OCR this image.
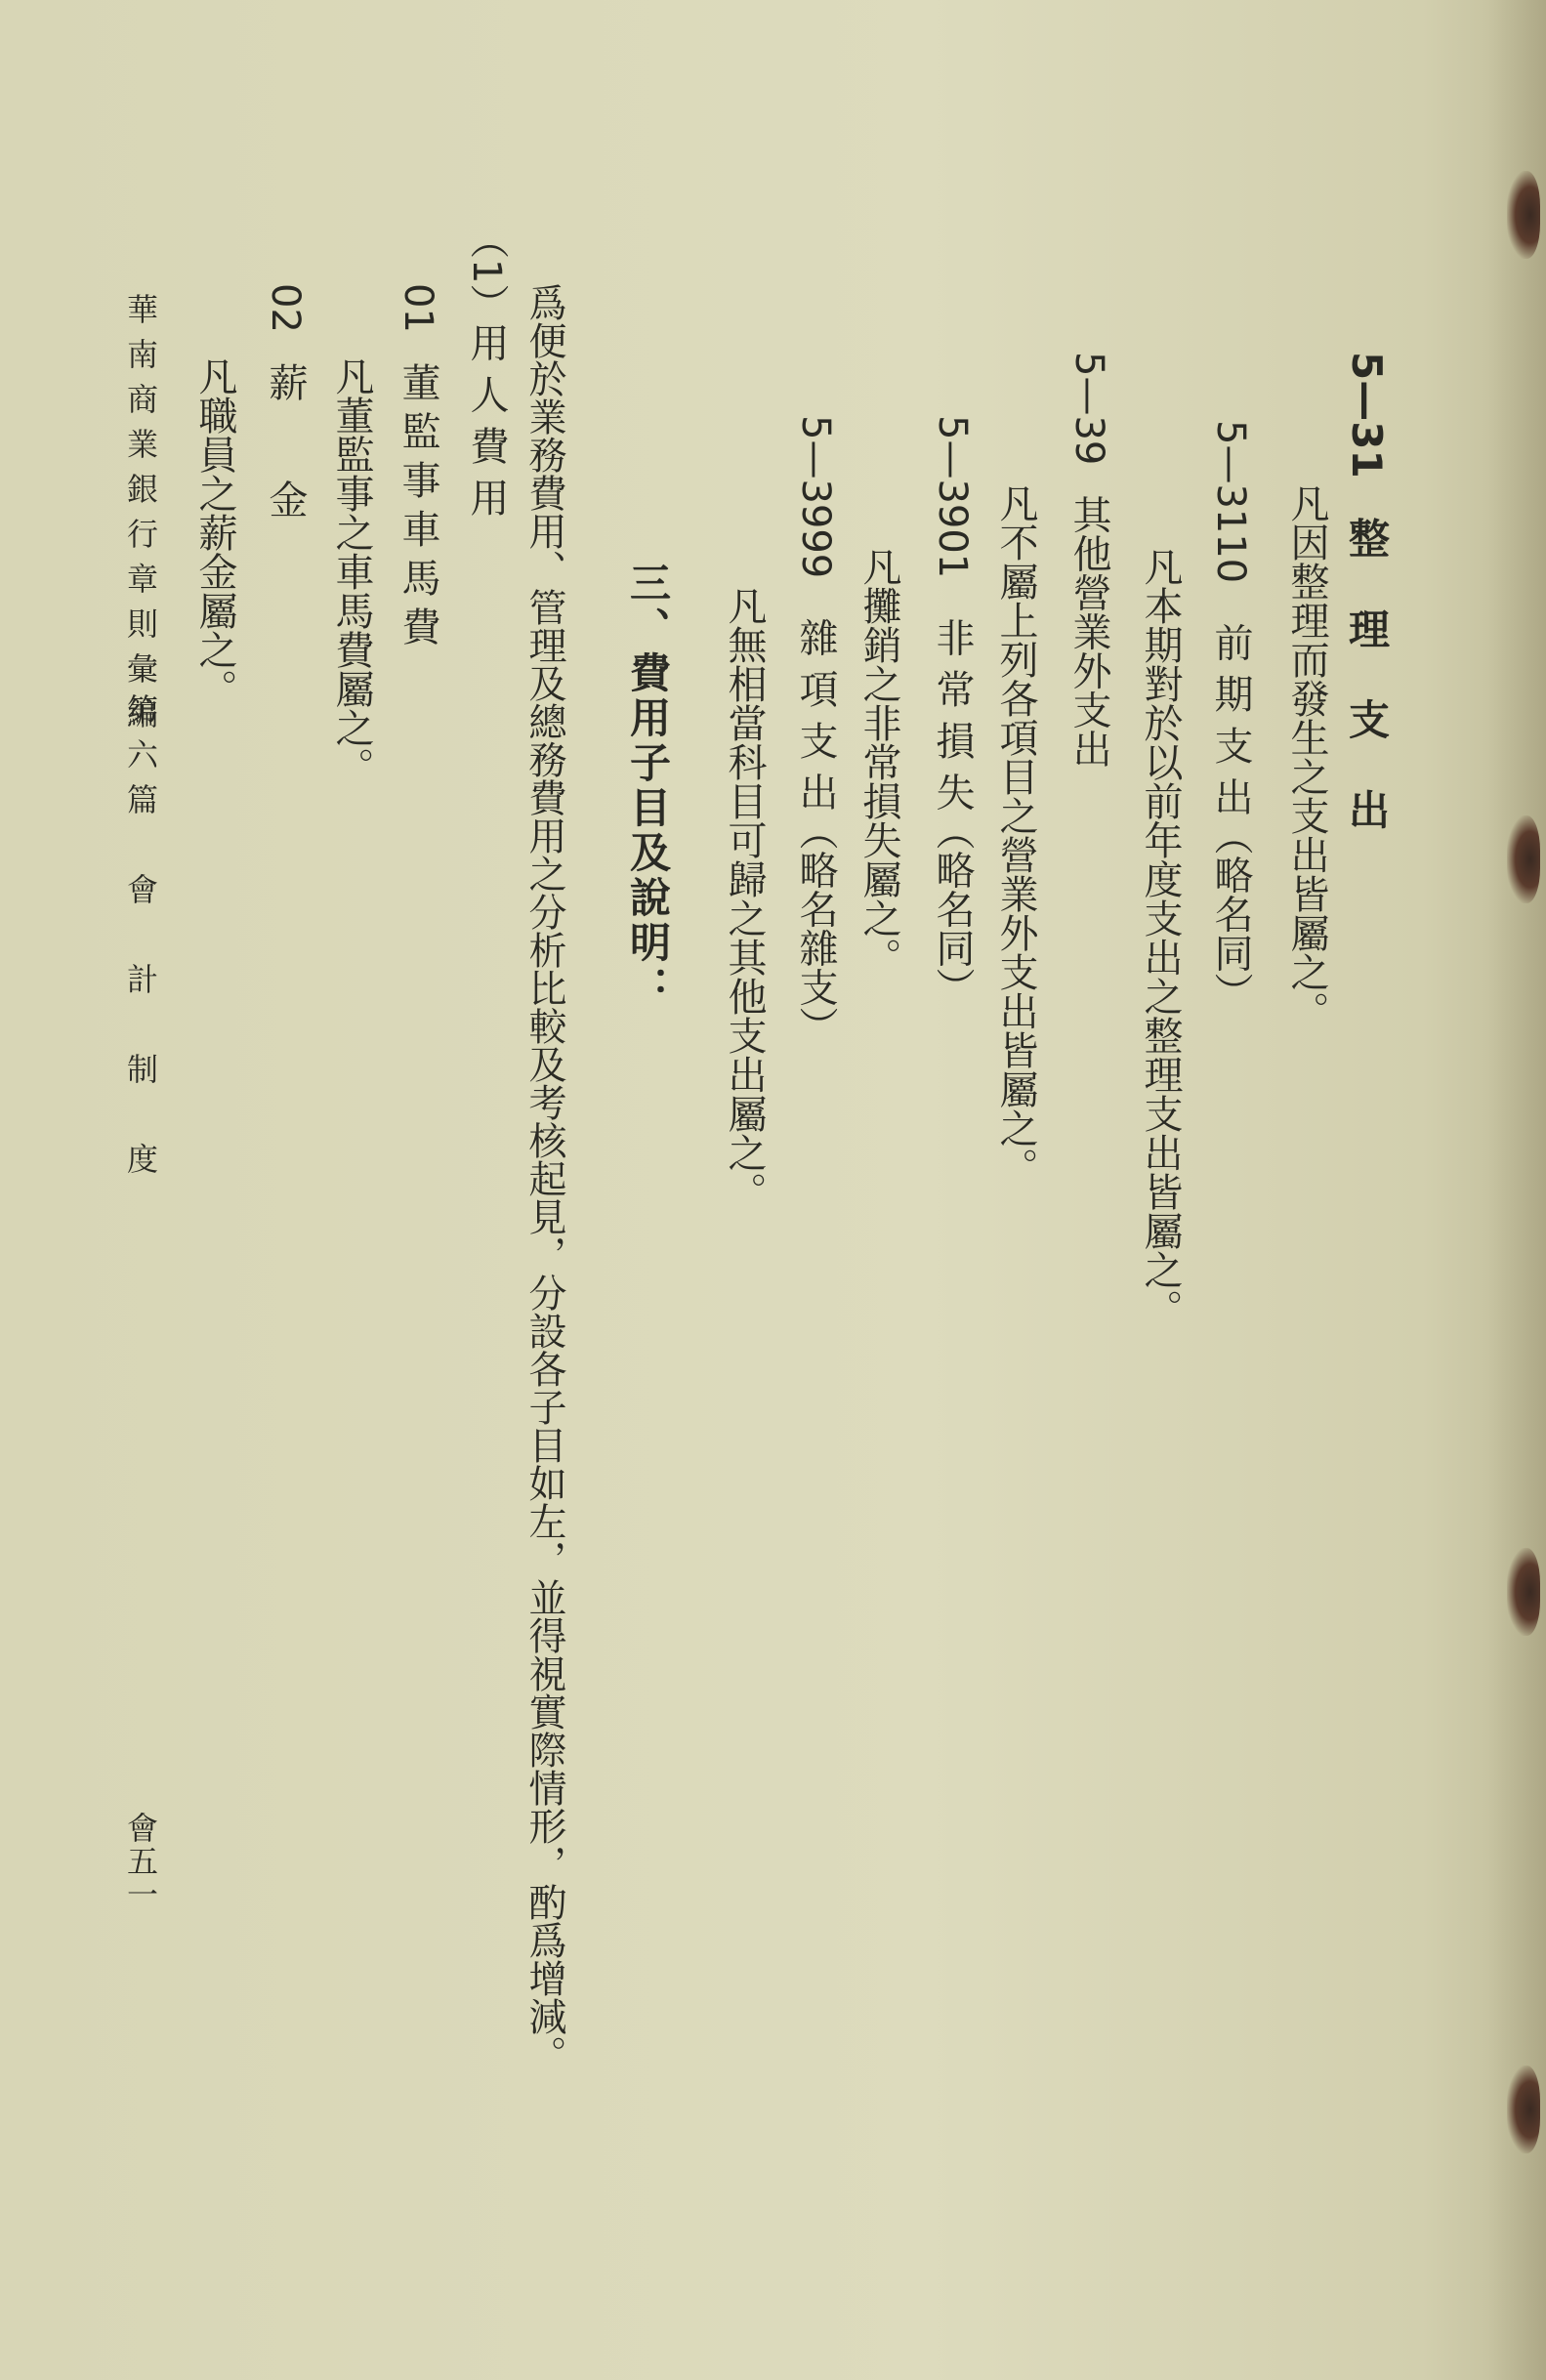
5—31整 理 支 出
凡因整理而發生之支出皆屬之。
5—3110前 期 支 出（略名同）
凡本期對於以前年度支出之整理支出皆屬之。
5—39其他營業外支出
凡不屬上列各項目之營業外支出皆屬之。
5—3901非 常 損 失（略名同）
凡攤銷之非常損失屬之。
5—3999雜 項 支 出（略名雜支）
凡無相當科目可歸之其他支出屬之。
三、費用子目及說明：
爲便於業務費用、管理及總務費用之分析比較及考核起見，分設各子目如左，並得視實際情形，酌爲增減。
（1）用 人 費 用
01董監事車馬費
凡董監事之車馬費屬之。
02薪　　金
凡職員之薪金屬之。
華南商業銀行章則彙編
第六篇　會　計　制　度
會五一
